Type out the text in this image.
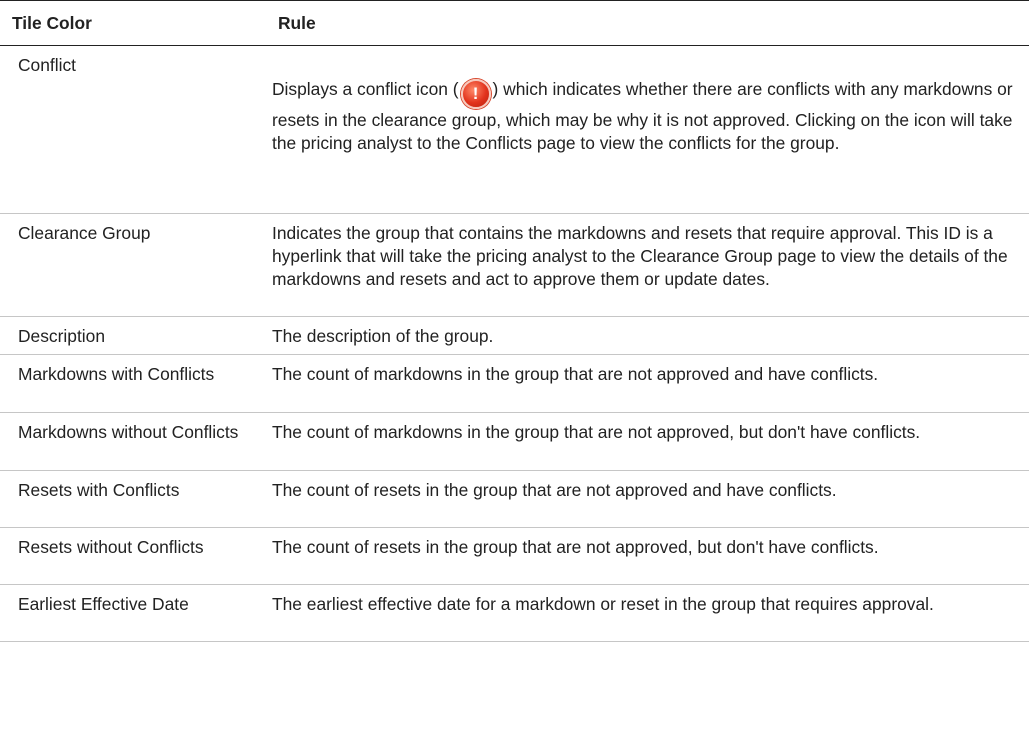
Tile Color	Rule
Conflict	Displays a conflict icon ( ! ) which indicates whether there are conflicts with any markdowns or resets in the clearance group, which may be why it is not approved. Clicking on the icon will take the pricing analyst to the Conflicts page to view the conflicts for the group.

Clearance Group	Indicates the group that contains the markdowns and resets that require approval. This ID is a hyperlink that will take the pricing analyst to the Clearance Group page to view the details of the markdowns and resets and act to approve them or update dates.
Description	The description of the group.
Markdowns with Conflicts	The count of markdowns in the group that are not approved and have conflicts.
Markdowns without Conflicts	The count of markdowns in the group that are not approved, but don't have conflicts.
Resets with Conflicts	The count of resets in the group that are not approved and have conflicts.
Resets without Conflicts	The count of resets in the group that are not approved, but don't have conflicts.
Earliest Effective Date	The earliest effective date for a markdown or reset in the group that requires approval.
